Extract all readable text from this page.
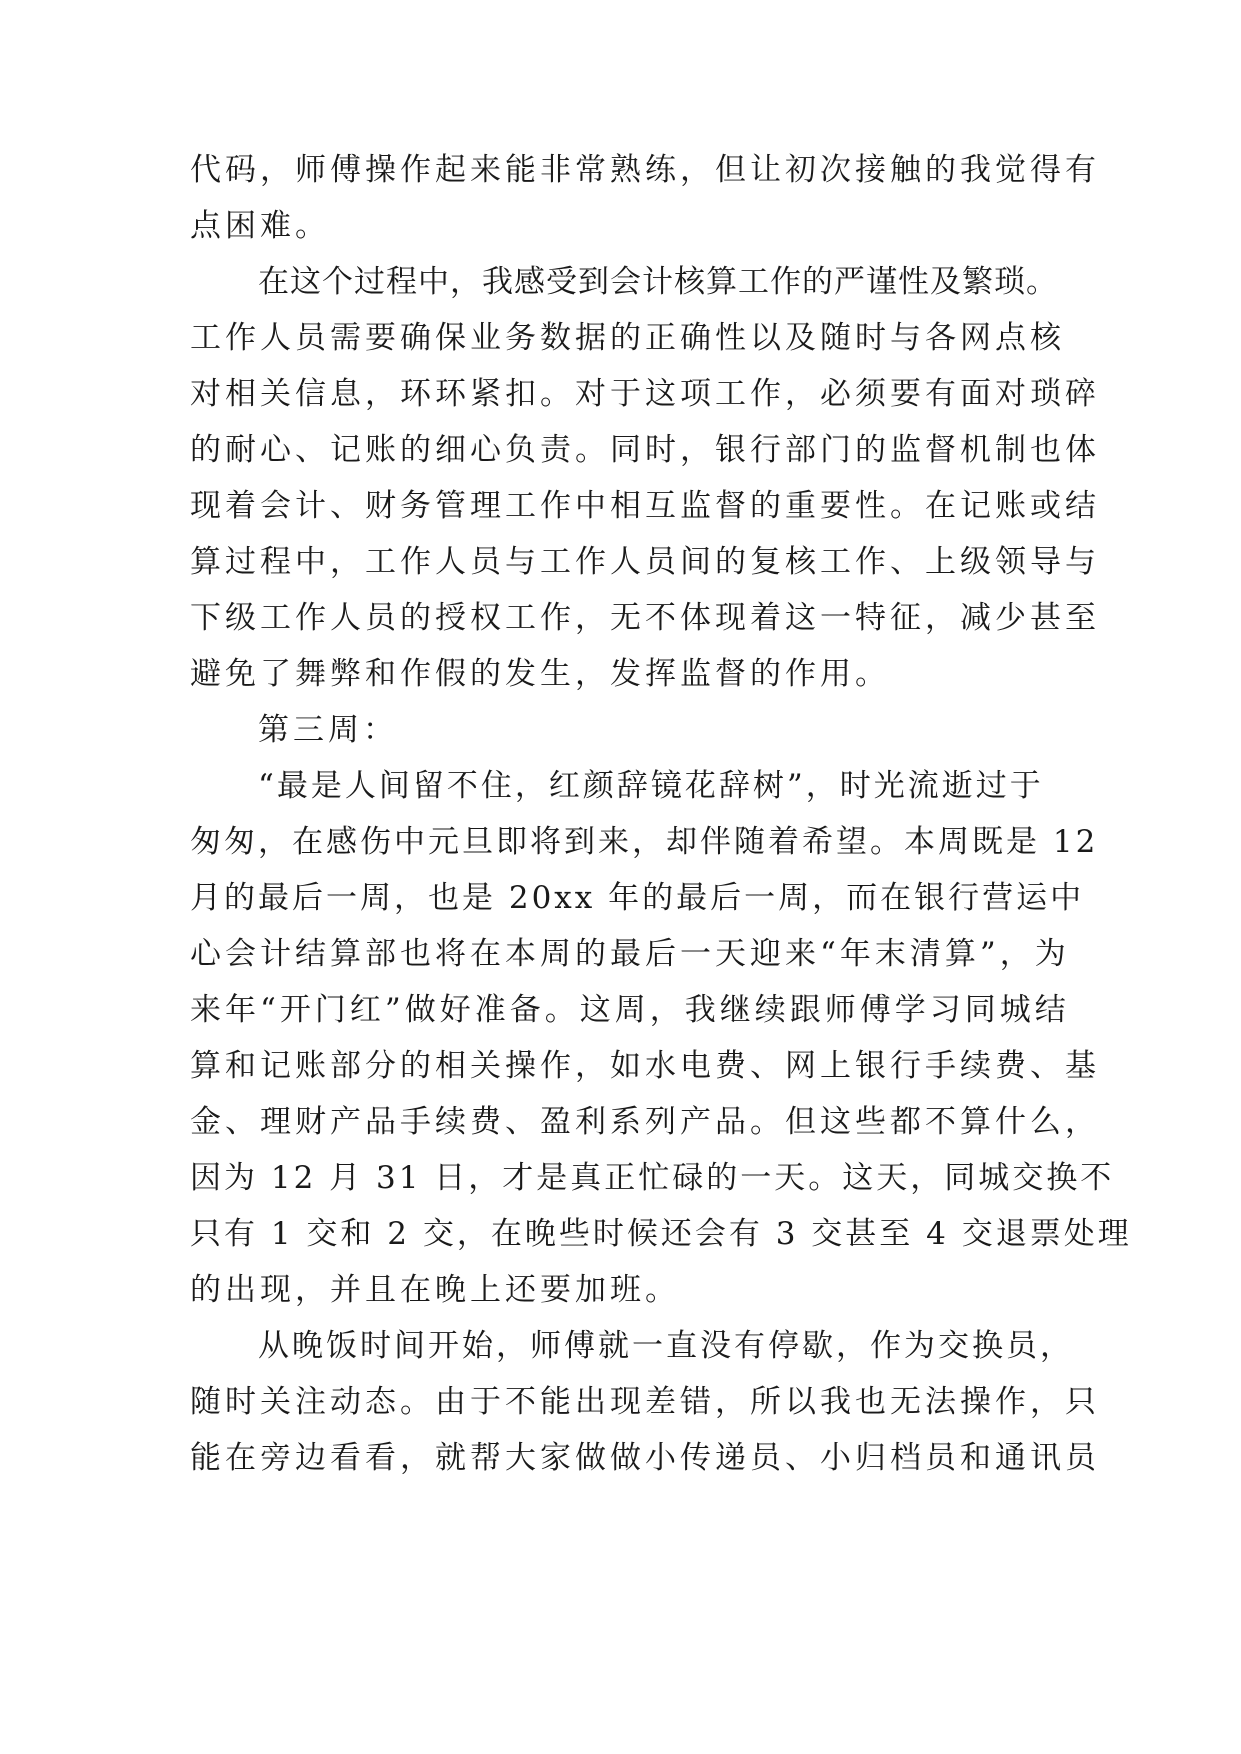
代码，师傅操作起来能非常熟练，但让初次接触的我觉得有
点困难。
在这个过程中，我感受到会计核算工作的严谨性及繁琐。
工作人员需要确保业务数据的正确性以及随时与各网点核
对相关信息，环环紧扣。对于这项工作，必须要有面对琐碎
的耐心、记账的细心负责。同时，银行部门的监督机制也体
现着会计、财务管理工作中相互监督的重要性。在记账或结
算过程中，工作人员与工作人员间的复核工作、上级领导与
下级工作人员的授权工作，无不体现着这一特征，减少甚至
避免了舞弊和作假的发生，发挥监督的作用。
第三周：
“最是人间留不住，红颜辞镜花辞树”，时光流逝过于
匆匆，在感伤中元旦即将到来，却伴随着希望。本周既是 12
月的最后一周，也是 20xx 年的最后一周，而在银行营运中
心会计结算部也将在本周的最后一天迎来“年末清算”，为
来年“开门红”做好准备。这周，我继续跟师傅学习同城结
算和记账部分的相关操作，如水电费、网上银行手续费、基
金、理财产品手续费、盈利系列产品。但这些都不算什么，
因为 12 月 31 日，才是真正忙碌的一天。这天，同城交换不
只有 1 交和 2 交，在晚些时候还会有 3 交甚至 4 交退票处理
的出现，并且在晚上还要加班。
从晚饭时间开始，师傅就一直没有停歇，作为交换员，
随时关注动态。由于不能出现差错，所以我也无法操作，只
能在旁边看看，就帮大家做做小传递员、小归档员和通讯员
